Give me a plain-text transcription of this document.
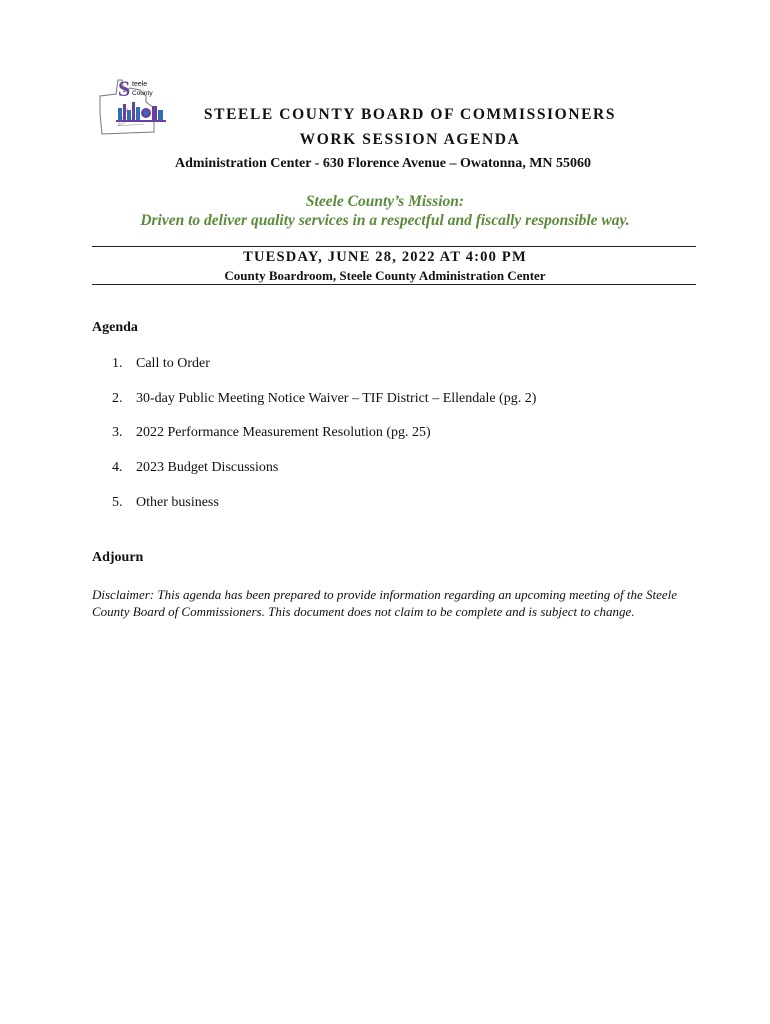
S teele
County
STEELE COUNTY BOARD OF COMMISSIONERS
WORK SESSION AGENDA
Administration Center - 630 Florence Avenue – Owatonna, MN 55060
Steele County’s Mission:
Driven to deliver quality services in a respectful and fiscally responsible way.
TUESDAY, JUNE 28, 2022 AT 4:00 PM
County Boardroom, Steele County Administration Center
Agenda
1. Call to Order
2. 30-day Public Meeting Notice Waiver – TIF District – Ellendale (pg. 2)
3. 2022 Performance Measurement Resolution (pg. 25)
4. 2023 Budget Discussions
5. Other business
Adjourn
Disclaimer: This agenda has been prepared to provide information regarding an upcoming meeting of the Steele County Board of Commissioners. This document does not claim to be complete and is subject to change.
